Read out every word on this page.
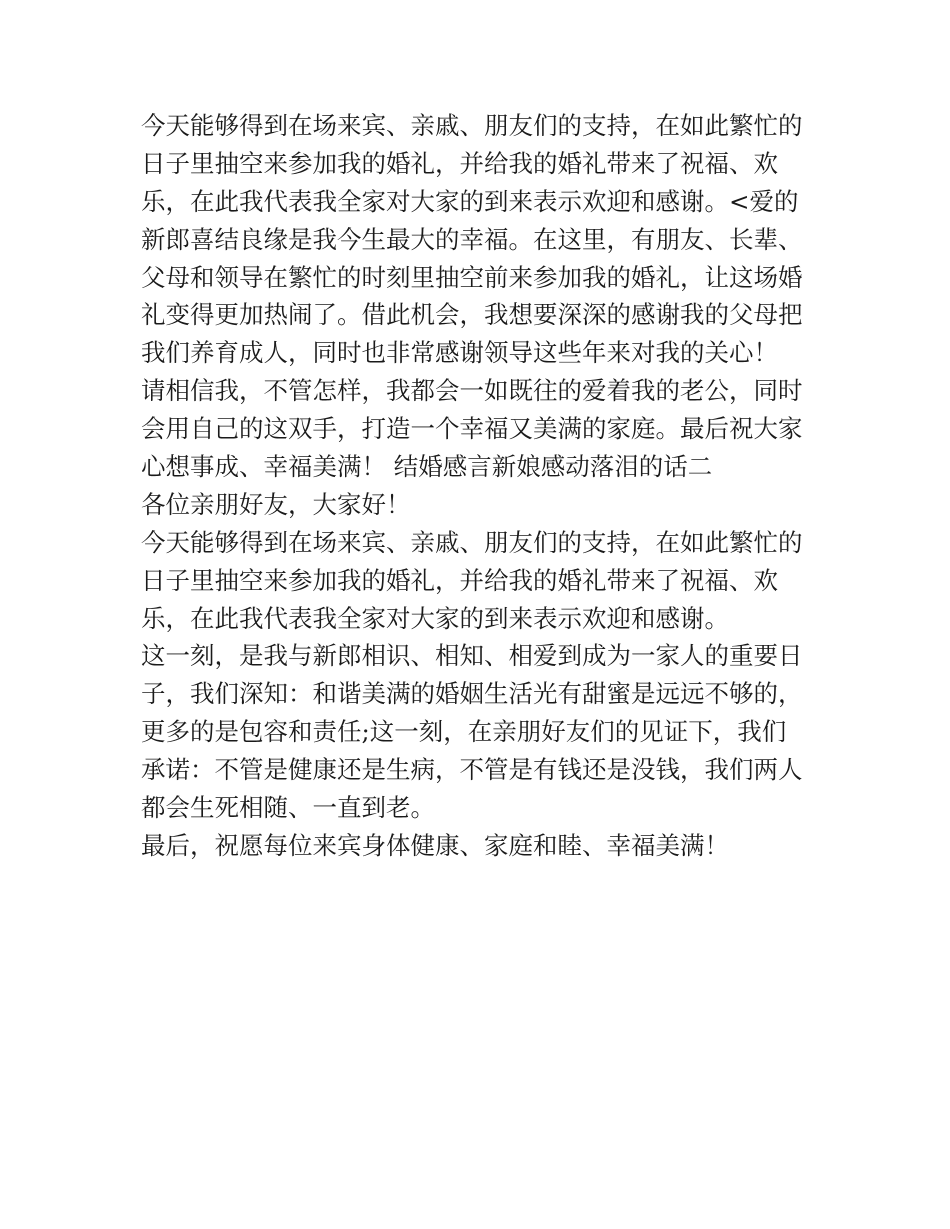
今天能够得到在场来宾、亲戚、朋友们的支持，在如此繁忙的
日子里抽空来参加我的婚礼，并给我的婚礼带来了祝福、欢
乐，在此我代表我全家对大家的到来表示欢迎和感谢。<爱的
新郎喜结良缘是我今生最大的幸福。在这里，有朋友、长辈、
父母和领导在繁忙的时刻里抽空前来参加我的婚礼，让这场婚
礼变得更加热闹了。借此机会，我想要深深的感谢我的父母把
我们养育成人，同时也非常感谢领导这些年来对我的关心！
请相信我，不管怎样，我都会一如既往的爱着我的老公，同时
会用自己的这双手，打造一个幸福又美满的家庭。最后祝大家
心想事成、幸福美满！ 结婚感言新娘感动落泪的话二
各位亲朋好友，大家好！
今天能够得到在场来宾、亲戚、朋友们的支持，在如此繁忙的
日子里抽空来参加我的婚礼，并给我的婚礼带来了祝福、欢
乐，在此我代表我全家对大家的到来表示欢迎和感谢。
这一刻，是我与新郎相识、相知、相爱到成为一家人的重要日
子，我们深知：和谐美满的婚姻生活光有甜蜜是远远不够的，
更多的是包容和责任;这一刻，在亲朋好友们的见证下，我们
承诺：不管是健康还是生病，不管是有钱还是没钱，我们两人
都会生死相随、一直到老。
最后，祝愿每位来宾身体健康、家庭和睦、幸福美满！
